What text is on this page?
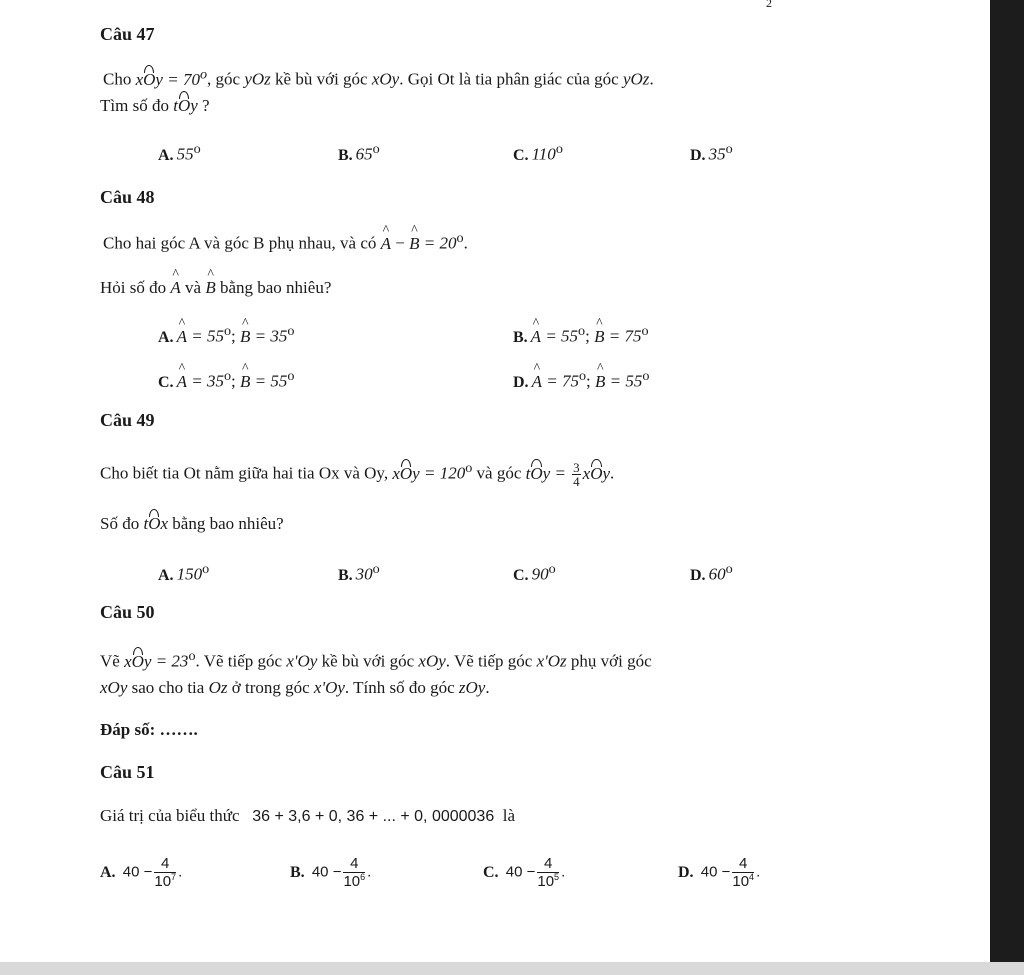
2
Câu 47
Cho xOy = $70^o$, góc yOz kề bù với góc xOy. Gọi Ot là tia phân giác của góc yOz.
Tìm số đo tOy ?
A. 55$^o$	B. 65$^o$	C. 110$^o$	D. 35$^o$
Câu 48
Cho hai góc A và góc B phụ nhau, và có ^ A − ^ $B = 20^o$.
Hỏi số đo ^ A và ^ B bằng bao nhiêu?
A. ^ $A = 55^o$; ^ $B = 35^o$	B. ^ $A = 55^o$; ^ $B = 75^o$
C. ^ $A = 35^o$; ^ $B = 55^o$	D. ^ $A = 75^o$; ^ $B = 55^o$
Câu 49
Cho biết tia Ot nằm giữa hai tia Ox và Oy, xOy = $120^o$ và góc tOy = $\frac{3}{4}$ xOy.
Số đo tOx bằng bao nhiêu?
A. 150$^o$	B. 30$^o$	C. 90$^o$	D. 60$^o$
Câu 50
Vẽ xOy = $23^o$. Vẽ tiếp góc x'Oy kề bù với góc xOy. Vẽ tiếp góc x'Oz phụ với góc
xOy sao cho tia Oz ở trong góc x'Oy. Tính số đo góc zOy.
Đáp số: …….
Câu 51
Giá trị của biểu thức 36 + 3,6 + 0, 36 + ... + 0, 0000036 là
A. $40 - \frac{4}{10^7}$ .	B. $40 - \frac{4}{10^6}$ .	C. $40 - \frac{4}{10^5}$ .	D. $40 - \frac{4}{10^4}$ .
